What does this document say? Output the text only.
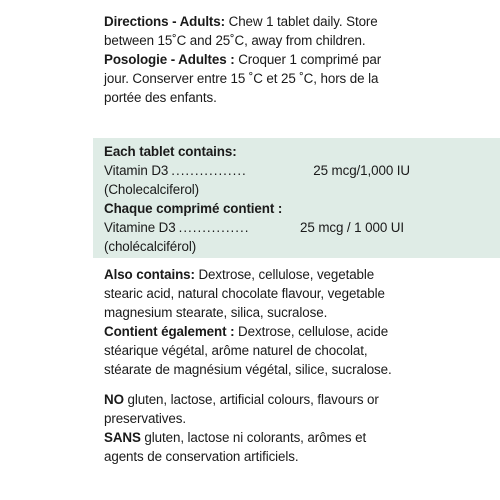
Directions - Adults: Chew 1 tablet daily. Store

between 15˚C and 25˚C, away from children.

Posologie - Adultes : Croquer 1 comprimé par

jour. Conserver entre 15 ˚C et 25 ˚C, hors de la

portée des enfants.

Each tablet contains:

Vitamin D3 ................	25 mcg/1,000 IU

(Cholecalciferol)

Chaque comprimé contient :

Vitamine D3 ...............	25 mcg / 1 000 UI

(cholécalciférol)

Also contains: Dextrose, cellulose, vegetable

stearic acid, natural chocolate flavour, vegetable

magnesium stearate, silica, sucralose.

Contient également : Dextrose, cellulose, acide

stéarique végétal, arôme naturel de chocolat,

stéarate de magnésium végétal, silice, sucralose.

NO gluten, lactose, artificial colours, flavours or

preservatives.

SANS gluten, lactose ni colorants, arômes et

agents de conservation artificiels.
